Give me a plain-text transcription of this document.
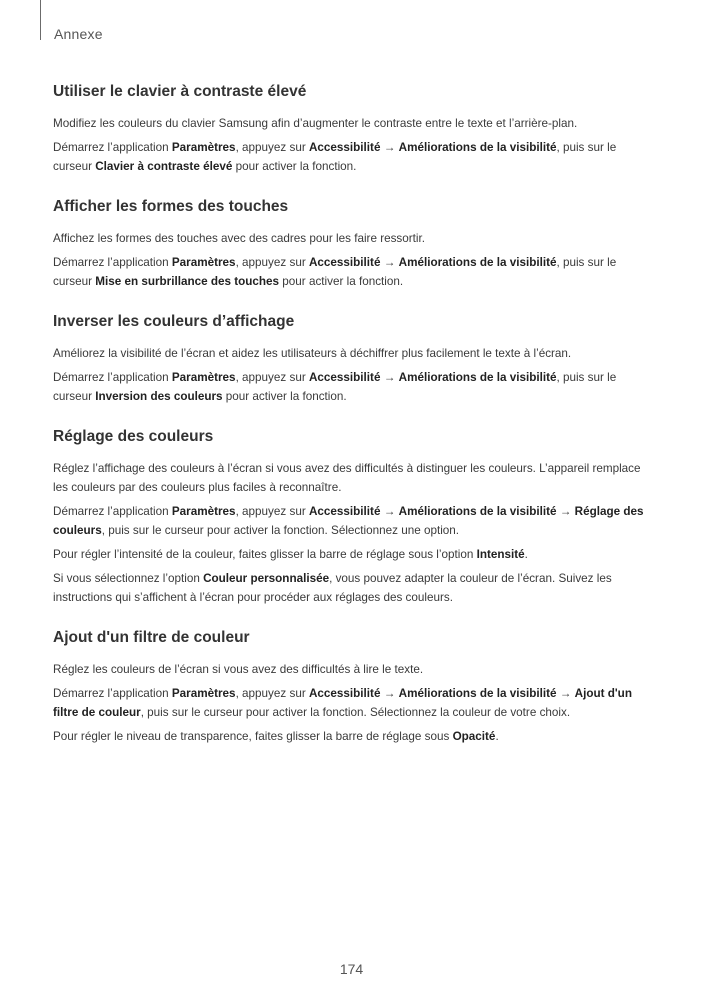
Annexe
Utiliser le clavier à contraste élevé

Modifiez les couleurs du clavier Samsung afin d’augmenter le contraste entre le texte et l’arrière-plan.

Démarrez l’application Paramètres, appuyez sur Accessibilité → Améliorations de la visibilité, puis sur le curseur Clavier à contraste élevé pour activer la fonction.

Afficher les formes des touches

Affichez les formes des touches avec des cadres pour les faire ressortir.

Démarrez l’application Paramètres, appuyez sur Accessibilité → Améliorations de la visibilité, puis sur le curseur Mise en surbrillance des touches pour activer la fonction.

Inverser les couleurs d’affichage

Améliorez la visibilité de l’écran et aidez les utilisateurs à déchiffrer plus facilement le texte à l’écran.

Démarrez l’application Paramètres, appuyez sur Accessibilité → Améliorations de la visibilité, puis sur le curseur Inversion des couleurs pour activer la fonction.

Réglage des couleurs

Réglez l’affichage des couleurs à l’écran si vous avez des difficultés à distinguer les couleurs. L’appareil remplace les couleurs par des couleurs plus faciles à reconnaître.

Démarrez l’application Paramètres, appuyez sur Accessibilité → Améliorations de la visibilité → Réglage des couleurs, puis sur le curseur pour activer la fonction. Sélectionnez une option.

Pour régler l’intensité de la couleur, faites glisser la barre de réglage sous l’option Intensité.

Si vous sélectionnez l’option Couleur personnalisée, vous pouvez adapter la couleur de l’écran. Suivez les instructions qui s’affichent à l’écran pour procéder aux réglages des couleurs.

Ajout d'un filtre de couleur

Réglez les couleurs de l’écran si vous avez des difficultés à lire le texte.

Démarrez l’application Paramètres, appuyez sur Accessibilité → Améliorations de la visibilité → Ajout d'un filtre de couleur, puis sur le curseur pour activer la fonction. Sélectionnez la couleur de votre choix.

Pour régler le niveau de transparence, faites glisser la barre de réglage sous Opacité.

174
